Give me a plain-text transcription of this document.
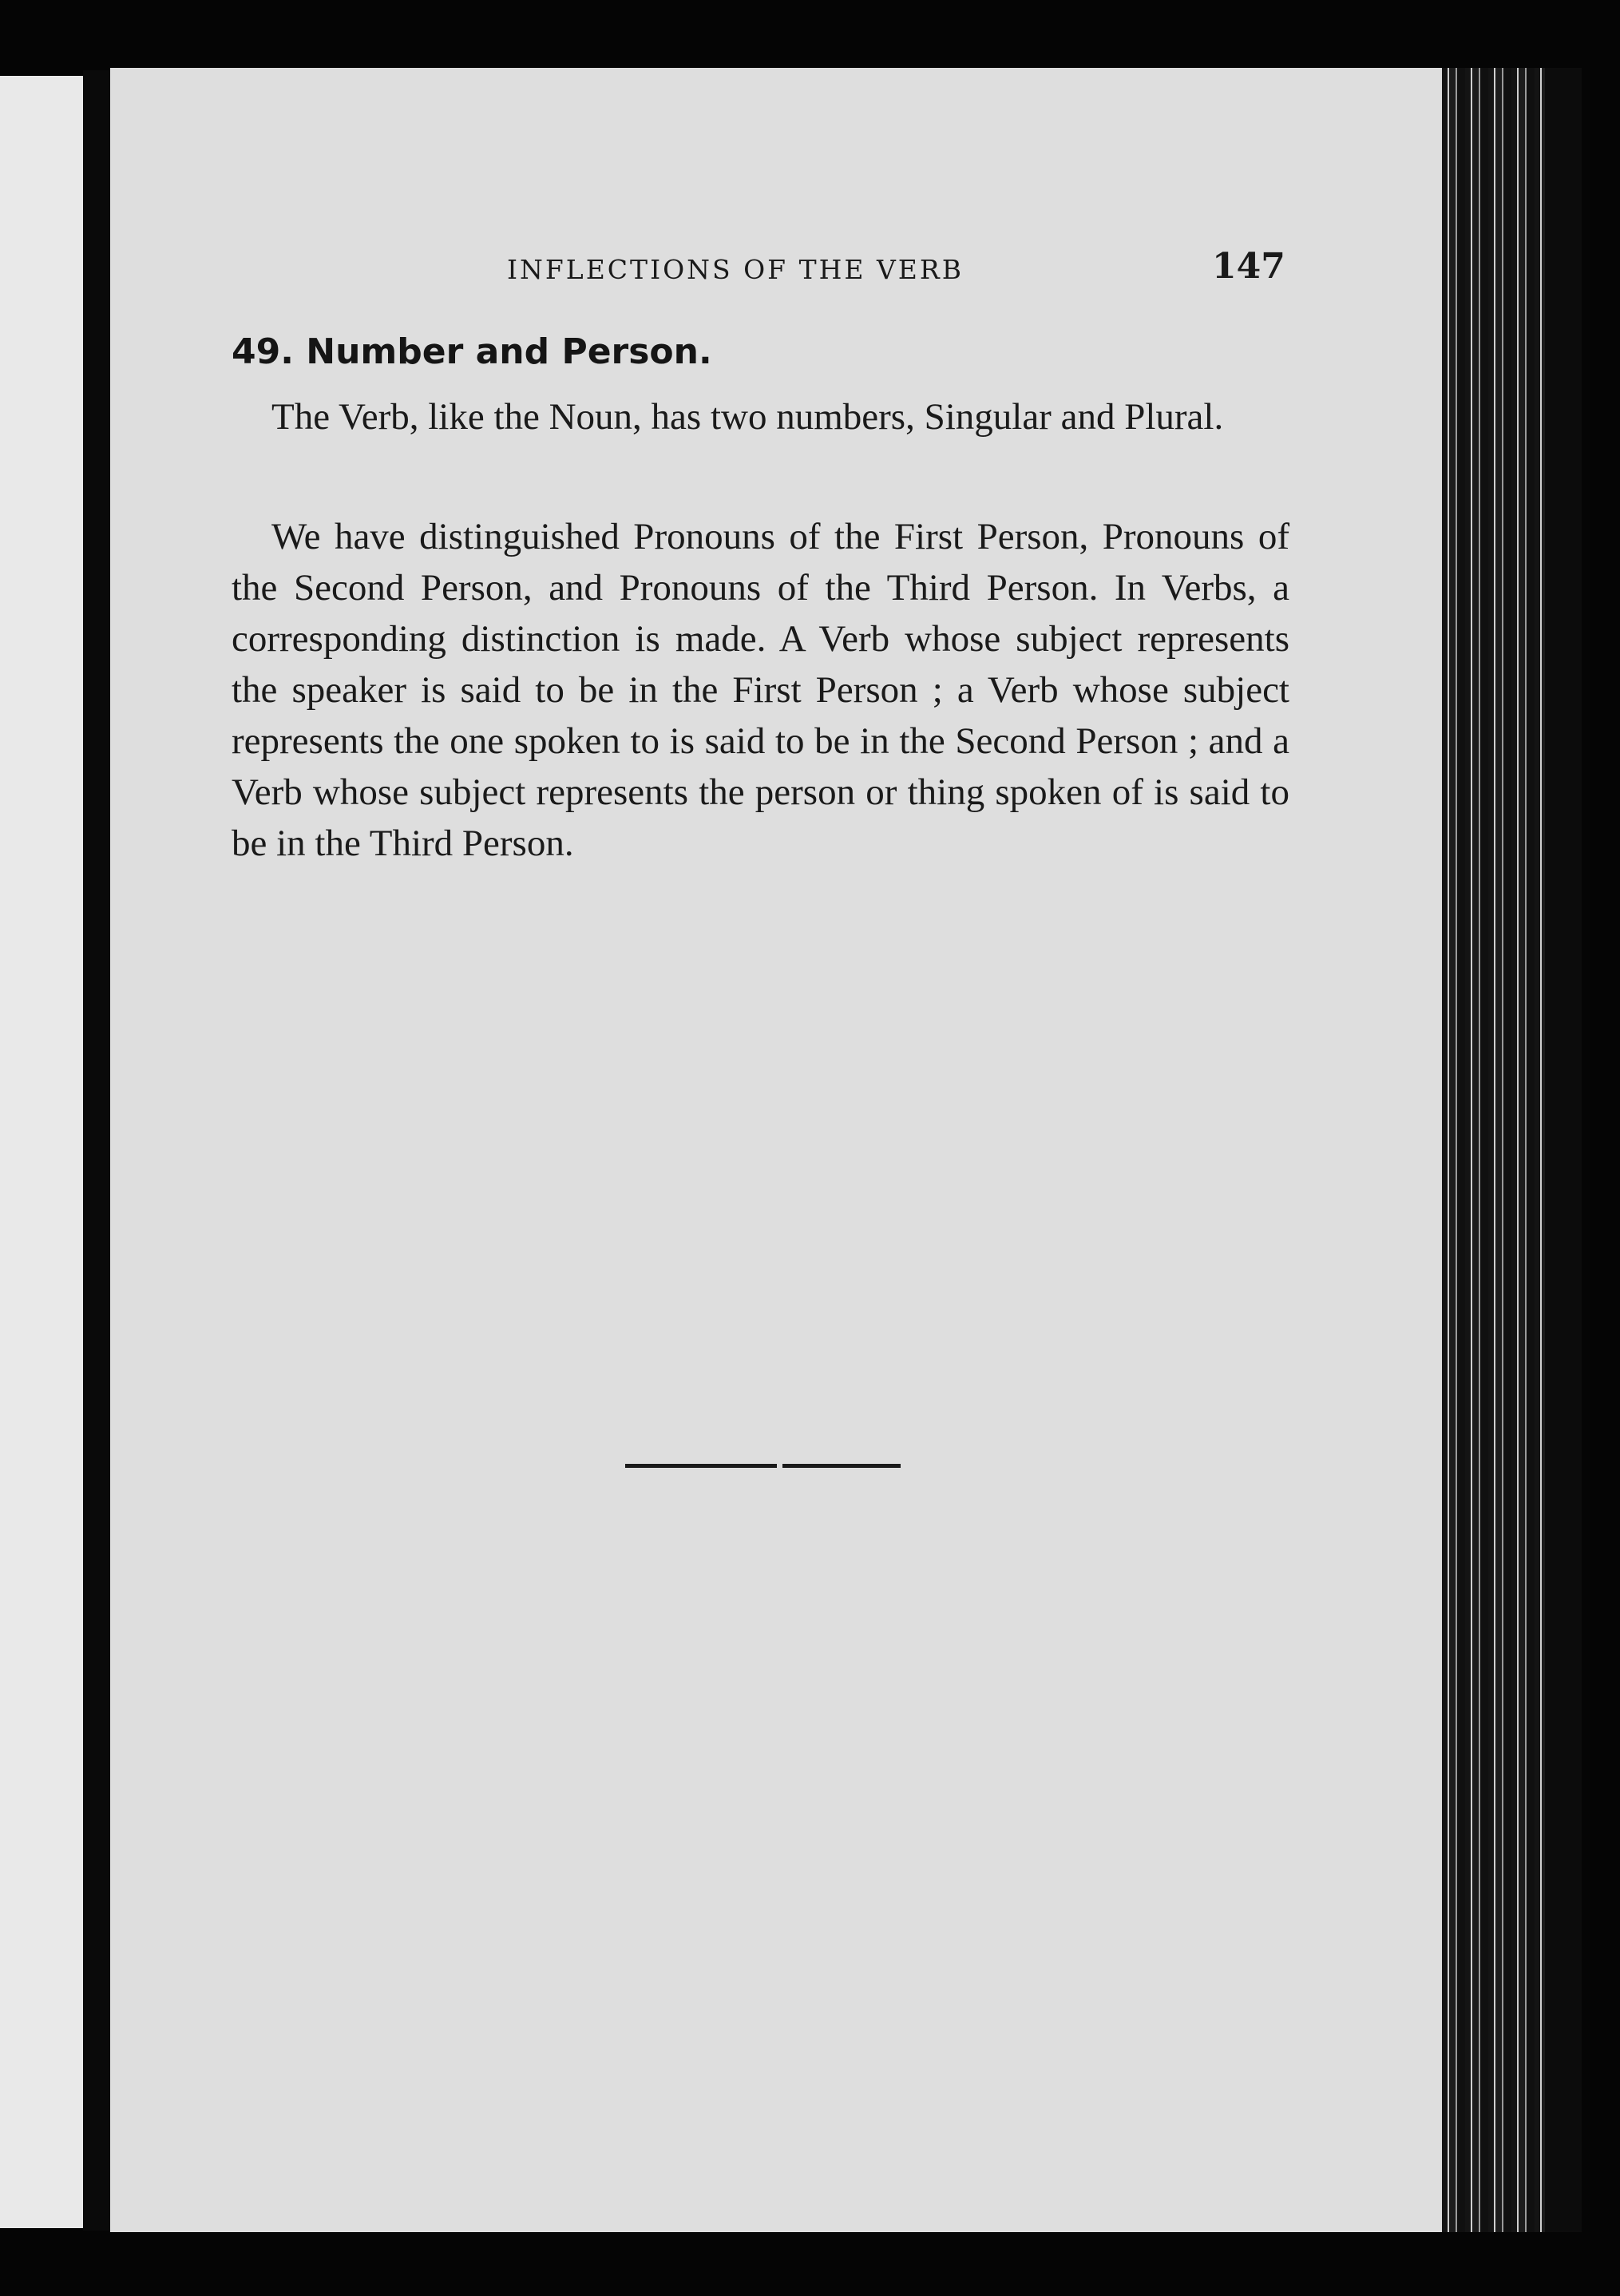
INFLECTIONS OF THE VERB	147
49. Number and Person.

The Verb, like the Noun, has two numbers, Singular and Plural.

We have distinguished Pronouns of the First Person, Pronouns of the Second Person, and Pronouns of the Third Person. In Verbs, a corresponding distinction is made. A Verb whose subject represents the speaker is said to be in the First Person ; a Verb whose subject represents the one spoken to is said to be in the Second Person ; and a Verb whose subject represents the person or thing spoken of is said to be in the Third Person.
